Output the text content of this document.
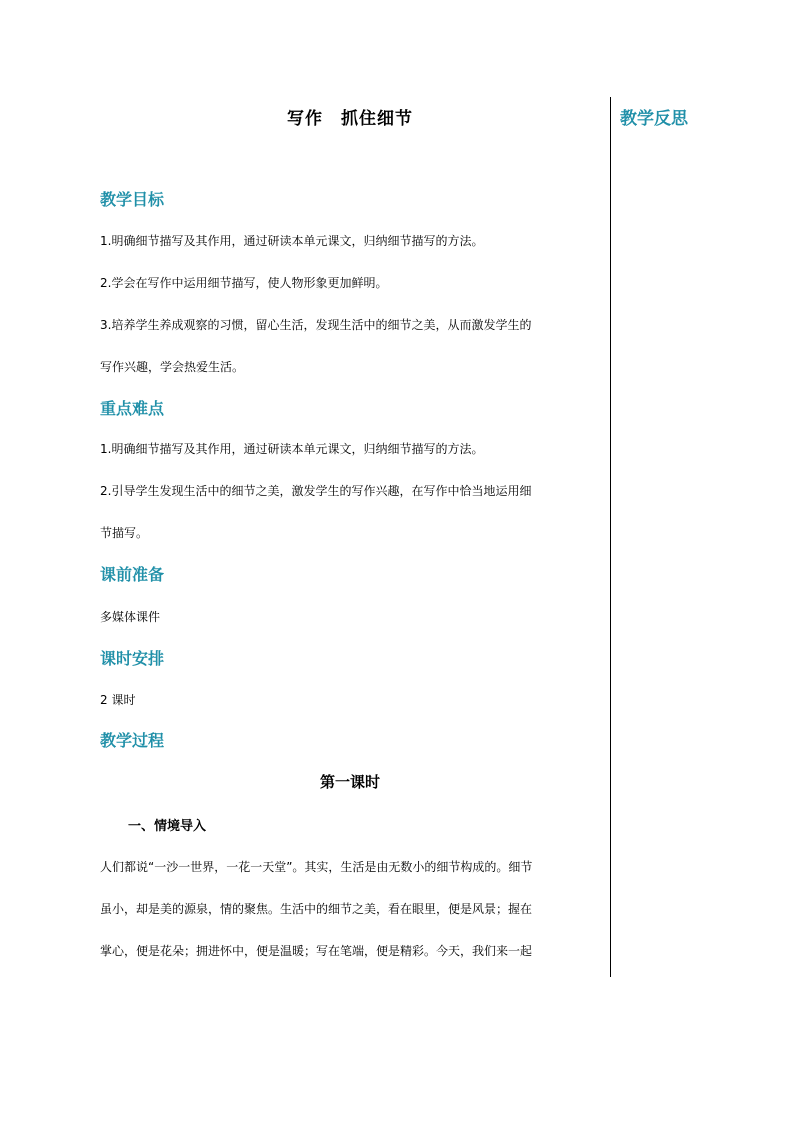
写作　抓住细节	教学反思
教学目标

1.明确细节描写及其作用，通过研读本单元课文，归纳细节描写的方法。

2.学会在写作中运用细节描写，使人物形象更加鲜明。

3.培养学生养成观察的习惯，留心生活，发现生活中的细节之美，从而激发学生的

写作兴趣，学会热爱生活。

重点难点

1.明确细节描写及其作用，通过研读本单元课文，归纳细节描写的方法。

2.引导学生发现生活中的细节之美，激发学生的写作兴趣，在写作中恰当地运用细

节描写。

课前准备

多媒体课件

课时安排

2 课时

教学过程
第一课时
一、情境导入

人们都说“一沙一世界，一花一天堂”。其实，生活是由无数小的细节构成的。细节

虽小，却是美的源泉，情的聚焦。生活中的细节之美，看在眼里，便是风景；握在

掌心，便是花朵；拥进怀中，便是温暖；写在笔端，便是精彩。今天，我们来一起
